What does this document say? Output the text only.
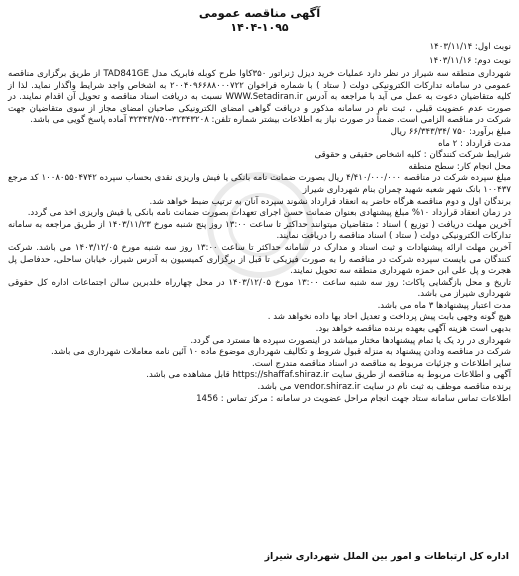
آگهی مناقصه عمومی

۱۴۰۴-۱۰۹۵

نوبت اول: ۱۴۰۳/۱۱/۱۴

نوبت دوم: ۱۴۰۳/۱۱/۱۶

شهرداری منطقه سه شیراز در نظر دارد عملیات خرید دیزل ژنراتور ۳۵۰کاوا طرح کوبله فابریک مدل TAD841GE از طریق برگزاری مناقصه عمومی در سامانه تدارکات الکترونیکی دولت ( ستاد ) با شماره فراخوان ۲۰۰۴۰۹۶۶۸۸۰۰۰۷۲۲ به اشخاص واجد شرایط واگذار نماید. لذا از کلیه متقاضیان دعوت به عمل می آید با مراجعه به آدرس WWW.Setadiran.ir نسبت به دریافت اسناد مناقصه و تحویل آن اقدام نمایند. در صورت عدم عضویت قبلی ، ثبت نام در سامانه مذکور و دریافت گواهی امضای الکترونیکی صاحبان امضای مجاز از سوی متقاضیان جهت شرکت در مناقصه الزامی است. ضمناً در صورت نیاز به اطلاعات بیشتر شماره تلفن: ۳۲۳۴۳۲۰۸-۳۲۳۴۳/۷۵۰ آماده پاسخ گویی می باشد.

مبلغ برآورد: ۷۵۰ /۶۶/۳۴۳/۳۴ ریال

مدت قرارداد : ۲ ماه

شرایط شرکت کنندگان : کلیه اشخاص حقیقی و حقوقی

محل انجام کار: سطح منطقه

مبلغ سپرده شرکت در مناقصه ۴/۴۱۰/۰۰۰/۰۰۰ ریال بصورت ضمانت نامه بانکی یا فیش واریزی نقدی بحساب سپرده ۱۰۰۸۰۵۵۰۴۷۴۲ کد مرجع ۱۰۰۴۳۷ بانک شهر شعبه شهید چمران بنام شهرداری شیراز

برندگان اول و دوم مناقصه هرگاه حاضر به انعقاد قرارداد نشوند سپرده آنان به ترتیب ضبط خواهد شد.

در زمان انعقاد قرارداد ۱۰% مبلغ پیشنهادی بعنوان ضمانت حسن اجرای تعهدات بصورت ضمانت نامه بانکی یا فیش واریزی اخذ می گردد.

آخرین مهلت دریافت ( توزیع ) اسناد : متقاضیان میتوانند حداکثر تا ساعت ۱۳:۰۰ روز پنج شنبه مورخ ۱۴۰۳/۱۱/۲۳ از طریق مراجعه به سامانه تدارکات الکترونیکی دولت ( ستاد ) اسناد مناقصه را دریافت نمایند.

آخرین مهلت ارائه پیشنهادات و ثبت اسناد و مدارک در سامانه حداکثر تا ساعت ۱۳:۰۰ روز سه شنبه مورخ ۱۴۰۳/۱۲/۰۵ می باشد. شرکت کنندگان می بایست سپرده شرکت در مناقصه را به صورت فیزیکی تا قبل از برگزاری کمیسیون به آدرس شیراز، خیابان ساحلی، حدفاصل پل هجرت و پل علی ابن حمزه شهرداری منطقه سه تحویل نمایند.

تاریخ و محل بازگشایی پاکات: روز سه شنبه ساعت ۱۳:۰۰ مورخ ۱۴۰۳/۱۲/۰۵ در محل چهارراه خلدبرین سالن اجتماعات اداره کل حقوقی شهرداری شیراز می باشد.

مدت اعتبار پیشنهادها ۳ ماه می باشد.

هیچ گونه وجهی بابت پیش پرداخت و تعدیل احاد بها داده نخواهد شد .

بدیهی است هزینه آگهی بعهده برنده مناقصه خواهد بود.

شهرداری در رد یک یا تمام پیشنهادها مختار میباشد در اینصورت سپرده ها مسترد می گردد.

شرکت در مناقصه ودادن پیشنهاد به منزله قبول شروط و تکالیف شهرداری موضوع ماده ۱۰ آئین نامه معاملات شهرداری می باشد.

سایر اطلاعات و جزئیات مربوط به مناقصه در اسناد مناقصه مندرج است.

آگهی و اطلاعات مربوط به مناقصه از طریق سایت https://shaffaf.shiraz.ir قابل مشاهده می باشد.

برنده مناقصه موظف به ثبت نام در سایت vendor.shiraz.ir می باشد.

اطلاعات تماس سامانه ستاد جهت انجام مراحل عضویت در سامانه : مرکز تماس : 1456

اداره کل ارتباطات و امور بین الملل شهرداری شیراز
